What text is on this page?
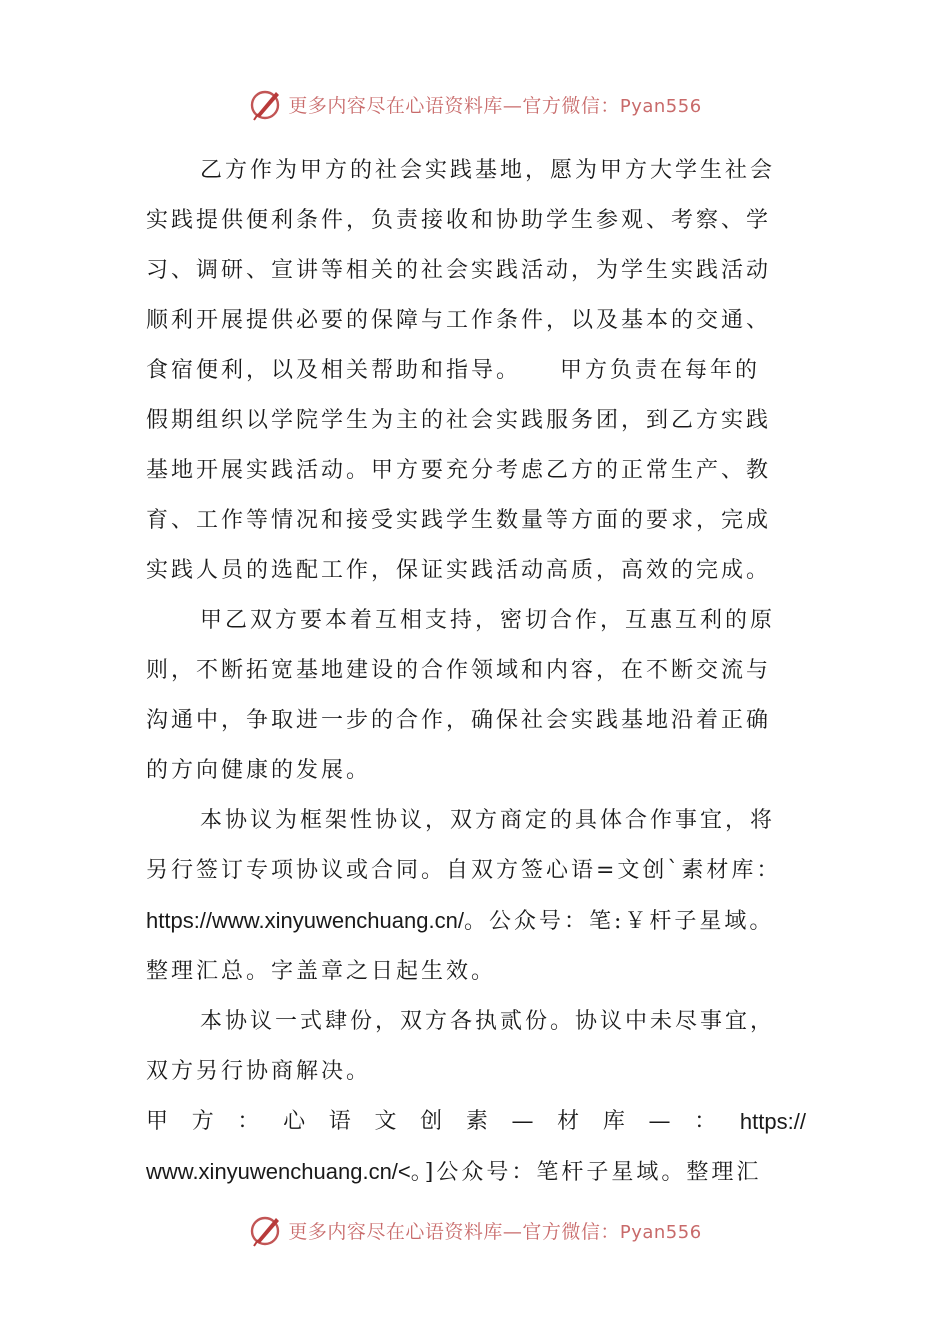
更多内容尽在心语资料库—官方微信：Pyan556

乙方作为甲方的社会实践基地，愿为甲方大学生社会
实践提供便利条件，负责接收和协助学生参观、考察、学
习、调研、宣讲等相关的社会实践活动，为学生实践活动
顺利开展提供必要的保障与工作条件，以及基本的交通、
食宿便利，以及相关帮助和指导。　　甲方负责在每年的
假期组织以学院学生为主的社会实践服务团，到乙方实践
基地开展实践活动。甲方要充分考虑乙方的正常生产、教
育、工作等情况和接受实践学生数量等方面的要求，完成
实践人员的选配工作，保证实践活动高质，高效的完成。

甲乙双方要本着互相支持，密切合作，互惠互利的原
则，不断拓宽基地建设的合作领域和内容，在不断交流与
沟通中，争取进一步的合作，确保社会实践基地沿着正确
的方向健康的发展。

本协议为框架性协议，双方商定的具体合作事宜，将
另行签订专项协议或合同。自双方签心语=文创`素材库：
https://www.xinyuwenchuang.cn/。公众号：笔:￥杆子星域。
整理汇总。字盖章之日起生效。

本协议一式肆份，双方各执贰份。协议中未尽事宜，
双方另行协商解决。

甲 方 ： 心 语 文 创 素 — 材 库 — ： https://

www.xinyuwenchuang.cn/<。]公众号：笔杆子星域。整理汇

更多内容尽在心语资料库—官方微信：Pyan556
